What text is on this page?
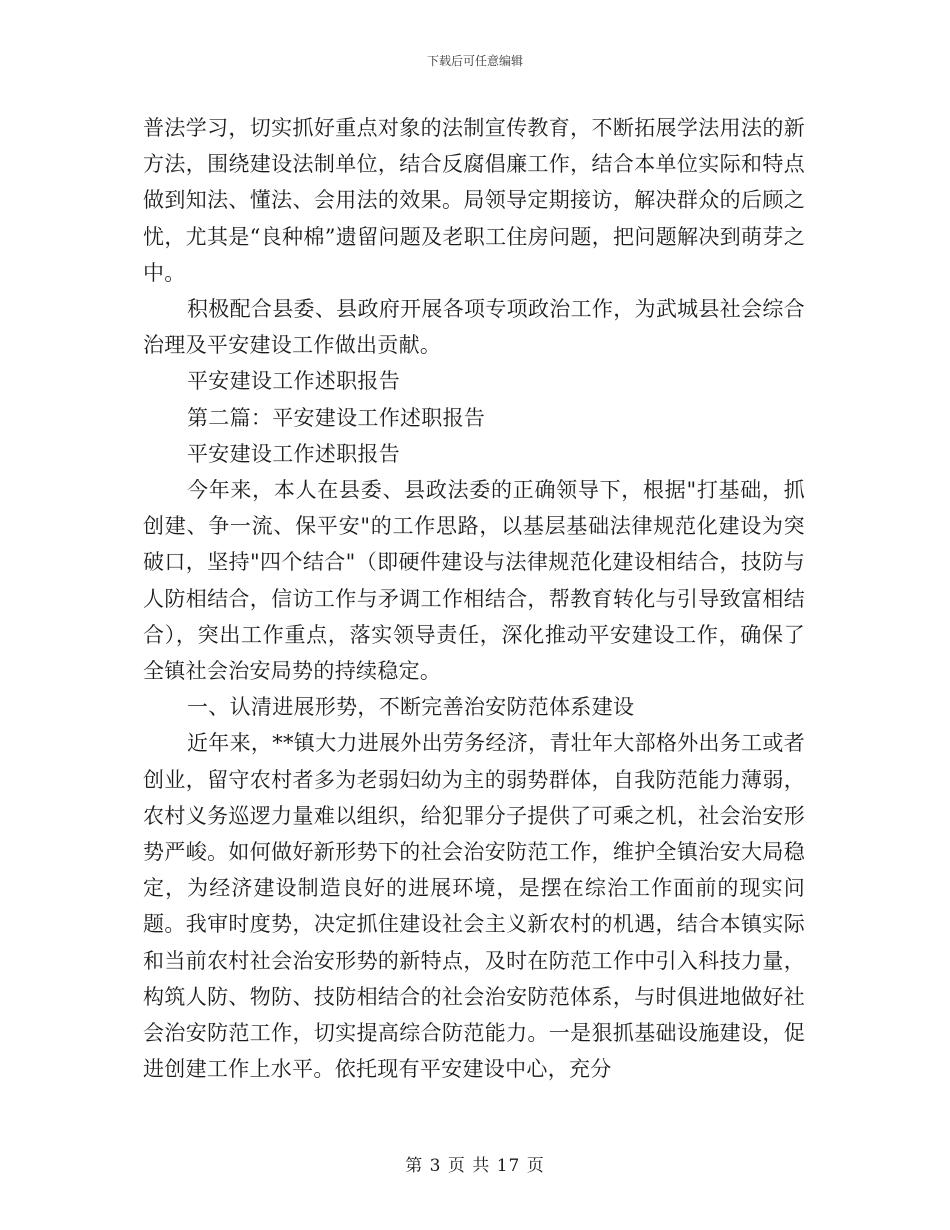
下载后可任意编辑

普法学习，切实抓好重点对象的法制宣传教育，不断拓展学法用法的新方法，围绕建设法制单位，结合反腐倡廉工作，结合本单位实际和特点做到知法、懂法、会用法的效果。局领导定期接访，解决群众的后顾之忧，尤其是“良种棉”遗留问题及老职工住房问题，把问题解决到萌芽之中。

积极配合县委、县政府开展各项专项政治工作，为武城县社会综合治理及平安建设工作做出贡献。

平安建设工作述职报告

第二篇：平安建设工作述职报告

平安建设工作述职报告

今年来，本人在县委、县政法委的正确领导下，根据"打基础，抓创建、争一流、保平安"的工作思路，以基层基础法律规范化建设为突破口，坚持"四个结合"（即硬件建设与法律规范化建设相结合，技防与人防相结合，信访工作与矛调工作相结合，帮教育转化与引导致富相结合），突出工作重点，落实领导责任，深化推动平安建设工作，确保了全镇社会治安局势的持续稳定。

一、认清进展形势，不断完善治安防范体系建设

近年来，**镇大力进展外出劳务经济，青壮年大部格外出务工或者创业，留守农村者多为老弱妇幼为主的弱势群体，自我防范能力薄弱，农村义务巡逻力量难以组织，给犯罪分子提供了可乘之机，社会治安形势严峻。如何做好新形势下的社会治安防范工作，维护全镇治安大局稳定，为经济建设制造良好的进展环境，是摆在综治工作面前的现实问题。我审时度势，决定抓住建设社会主义新农村的机遇，结合本镇实际和当前农村社会治安形势的新特点，及时在防范工作中引入科技力量，构筑人防、物防、技防相结合的社会治安防范体系，与时俱进地做好社会治安防范工作，切实提高综合防范能力。一是狠抓基础设施建设，促进创建工作上水平。依托现有平安建设中心，充分

第 3 页 共 17 页
